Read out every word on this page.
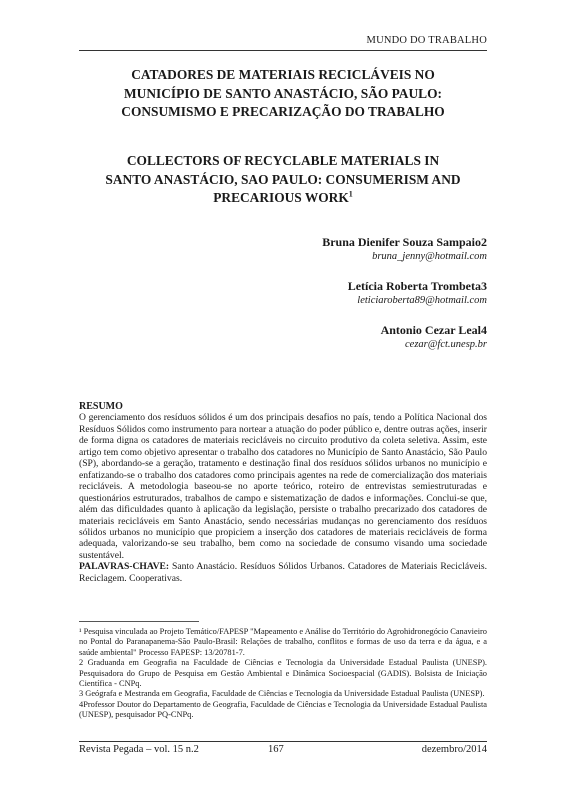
MUNDO DO TRABALHO
CATADORES DE MATERIAIS RECICLÁVEIS NO
MUNICÍPIO DE SANTO ANASTÁCIO, SÃO PAULO:
CONSUMISMO E PRECARIZAÇÃO DO TRABALHO
COLLECTORS OF RECYCLABLE MATERIALS IN
SANTO ANASTÁCIO, SAO PAULO: CONSUMERISM AND
PRECARIOUS WORK$^1$
Bruna Dienifer Souza Sampaio2
bruna_jenny@hotmail.com
Letícia Roberta Trombeta3
leticiaroberta89@hotmail.com
Antonio Cezar Leal4
cezar@fct.unesp.br
RESUMO
O gerenciamento dos resíduos sólidos é um dos principais desafios no país, tendo a Política Nacional dos Resíduos Sólidos como instrumento para nortear a atuação do poder público e, dentre outras ações, inserir de forma digna os catadores de materiais recicláveis no circuito produtivo da coleta seletiva. Assim, este artigo tem como objetivo apresentar o trabalho dos catadores no Município de Santo Anastácio, São Paulo (SP), abordando-se a geração, tratamento e destinação final dos resíduos sólidos urbanos no município e enfatizando-se o trabalho dos catadores como principais agentes na rede de comercialização dos materiais recicláveis. A metodologia baseou-se no aporte teórico, roteiro de entrevistas semiestruturadas e questionários estruturados, trabalhos de campo e sistematização de dados e informações. Conclui-se que, além das dificuldades quanto à aplicação da legislação, persiste o trabalho precarizado dos catadores de materiais recicláveis em Santo Anastácio, sendo necessárias mudanças no gerenciamento dos resíduos sólidos urbanos no município que propiciem a inserção dos catadores de materiais recicláveis de forma adequada, valorizando-se seu trabalho, bem como na sociedade de consumo visando uma sociedade sustentável.
PALAVRAS-CHAVE: Santo Anastácio. Resíduos Sólidos Urbanos. Catadores de Materiais Recicláveis. Reciclagem. Cooperativas.

¹ Pesquisa vinculada ao Projeto Temático/FAPESP "Mapeamento e Análise do Território do Agrohidronegócio Canavieiro no Pontal do Paranapanema-São Paulo-Brasil: Relações de trabalho, conflitos e formas de uso da terra e da água, e a saúde ambiental" Processo FAPESP: 13/20781-7.

2 Graduanda em Geografia na Faculdade de Ciências e Tecnologia da Universidade Estadual Paulista (UNESP). Pesquisadora do Grupo de Pesquisa em Gestão Ambiental e Dinâmica Socioespacial (GADIS). Bolsista de Iniciação Científica - CNPq.

3 Geógrafa e Mestranda em Geografia, Faculdade de Ciências e Tecnologia da Universidade Estadual Paulista (UNESP).

4Professor Doutor do Departamento de Geografia, Faculdade de Ciências e Tecnologia da Universidade Estadual Paulista (UNESP), pesquisador PQ-CNPq.

Revista Pegada – vol. 15 n.2	167	dezembro/2014
